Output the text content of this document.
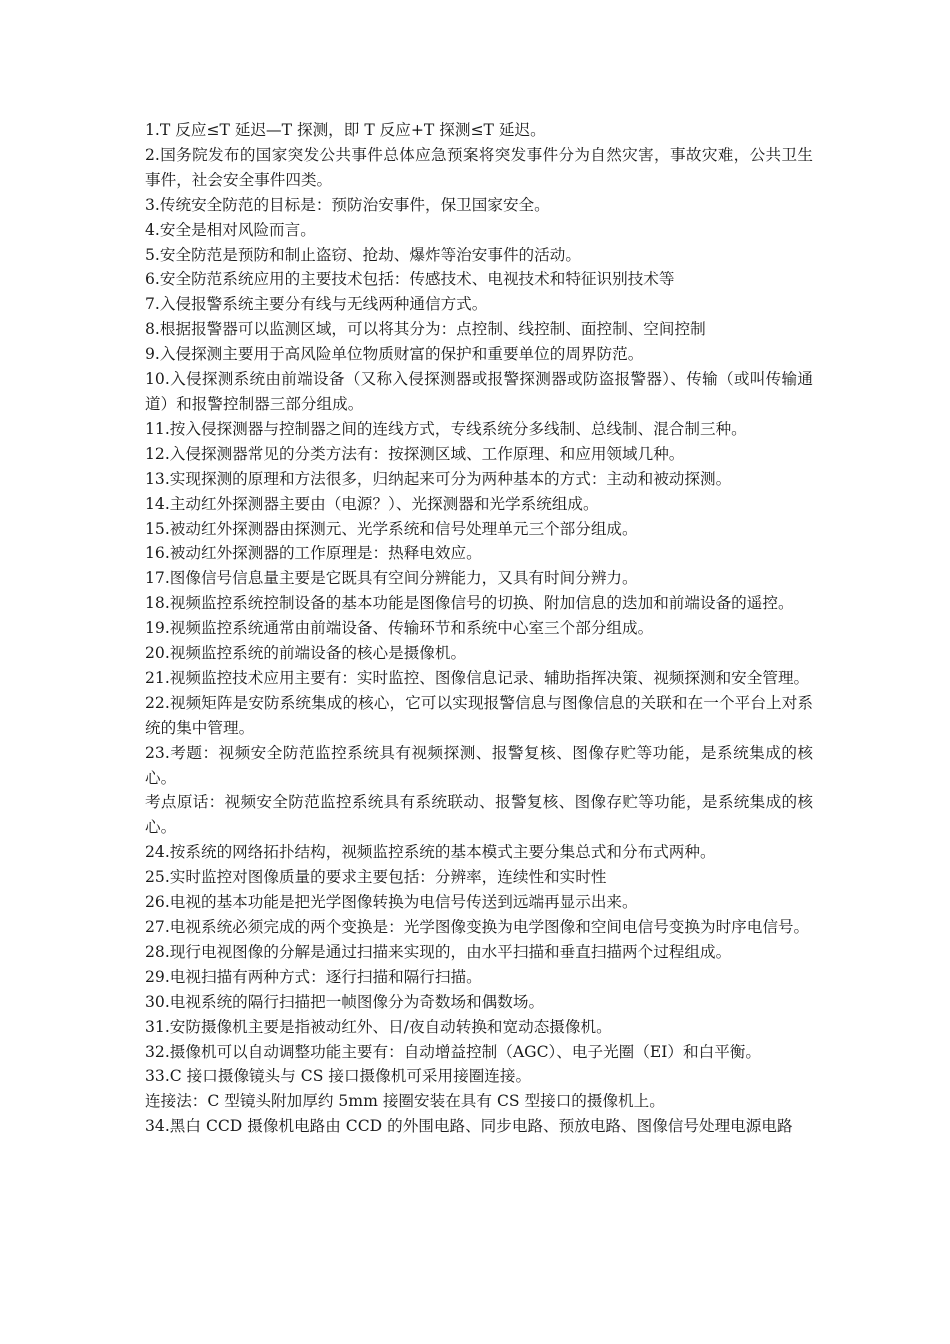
1.T 反应≤T 延迟—T 探测，即 T 反应+T 探测≤T 延迟。

2.国务院发布的国家突发公共事件总体应急预案将突发事件分为自然灾害，事故灾难，公共卫生事件，社会安全事件四类。

3.传统安全防范的目标是：预防治安事件，保卫国家安全。

4.安全是相对风险而言。

5.安全防范是预防和制止盗窃、抢劫、爆炸等治安事件的活动。

6.安全防范系统应用的主要技术包括：传感技术、电视技术和特征识别技术等

7.入侵报警系统主要分有线与无线两种通信方式。

8.根据报警器可以监测区域，可以将其分为：点控制、线控制、面控制、空间控制

9.入侵探测主要用于高风险单位物质财富的保护和重要单位的周界防范。

10.入侵探测系统由前端设备（又称入侵探测器或报警探测器或防盗报警器）、传输（或叫传输通道）和报警控制器三部分组成。

11.按入侵探测器与控制器之间的连线方式，专线系统分多线制、总线制、混合制三种。

12.入侵探测器常见的分类方法有：按探测区域、工作原理、和应用领域几种。

13.实现探测的原理和方法很多，归纳起来可分为两种基本的方式：主动和被动探测。

14.主动红外探测器主要由（电源？）、光探测器和光学系统组成。

15.被动红外探测器由探测元、光学系统和信号处理单元三个部分组成。

16.被动红外探测器的工作原理是：热释电效应。

17.图像信号信息量主要是它既具有空间分辨能力，又具有时间分辨力。

18.视频监控系统控制设备的基本功能是图像信号的切换、附加信息的迭加和前端设备的遥控。

19.视频监控系统通常由前端设备、传输环节和系统中心室三个部分组成。

20.视频监控系统的前端设备的核心是摄像机。

21.视频监控技术应用主要有：实时监控、图像信息记录、辅助指挥决策、视频探测和安全管理。

22.视频矩阵是安防系统集成的核心，它可以实现报警信息与图像信息的关联和在一个平台上对系统的集中管理。

23.考题：视频安全防范监控系统具有视频探测、报警复核、图像存贮等功能，是系统集成的核心。

考点原话：视频安全防范监控系统具有系统联动、报警复核、图像存贮等功能，是系统集成的核心。

24.按系统的网络拓扑结构，视频监控系统的基本模式主要分集总式和分布式两种。

25.实时监控对图像质量的要求主要包括：分辨率，连续性和实时性

26.电视的基本功能是把光学图像转换为电信号传送到远端再显示出来。

27.电视系统必须完成的两个变换是：光学图像变换为电学图像和空间电信号变换为时序电信号。

28.现行电视图像的分解是通过扫描来实现的，由水平扫描和垂直扫描两个过程组成。

29.电视扫描有两种方式：逐行扫描和隔行扫描。

30.电视系统的隔行扫描把一帧图像分为奇数场和偶数场。

31.安防摄像机主要是指被动红外、日/夜自动转换和宽动态摄像机。

32.摄像机可以自动调整功能主要有：自动增益控制（AGC）、电子光圈（EI）和白平衡。

33.C 接口摄像镜头与 CS 接口摄像机可采用接圈连接。

连接法：C 型镜头附加厚约 5mm 接圈安装在具有 CS 型接口的摄像机上。

34.黑白 CCD 摄像机电路由 CCD 的外围电路、同步电路、预放电路、图像信号处理电源电路
